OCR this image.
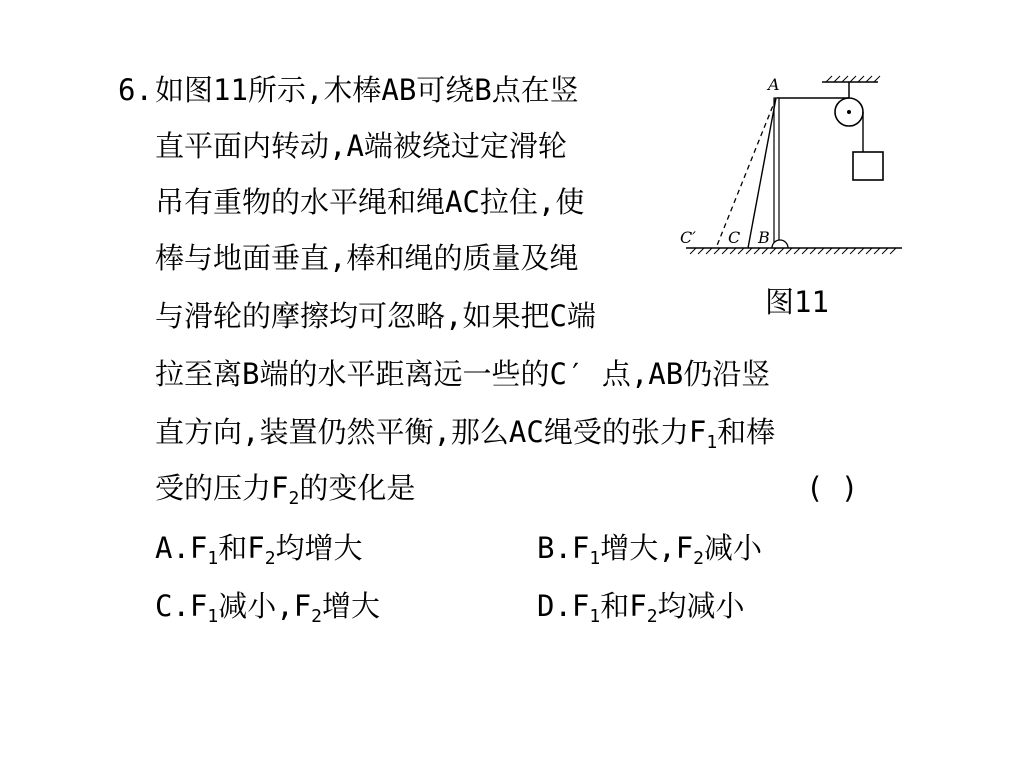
6. 如图11所示,木棒AB可绕B点在竖
直平面内转动,A端被绕过定滑轮
吊有重物的水平绳和绳AC拉住,使
棒与地面垂直,棒和绳的质量及绳
与滑轮的摩擦均可忽略,如果把C端
拉至离B端的水平距离远一些的C′ 点,AB仍沿竖
直方向,装置仍然平衡,那么AC绳受的张力$F_1$和棒
受的压力$F_2$的变化是	( )
$A.F_1$和$F_2$均增大	$B.F_1$增大$,F_2$减小
$C.F_1$减小$,F_2$增大	$D.F_1$和$F_2$均减小
A
B
C
C′
图11
